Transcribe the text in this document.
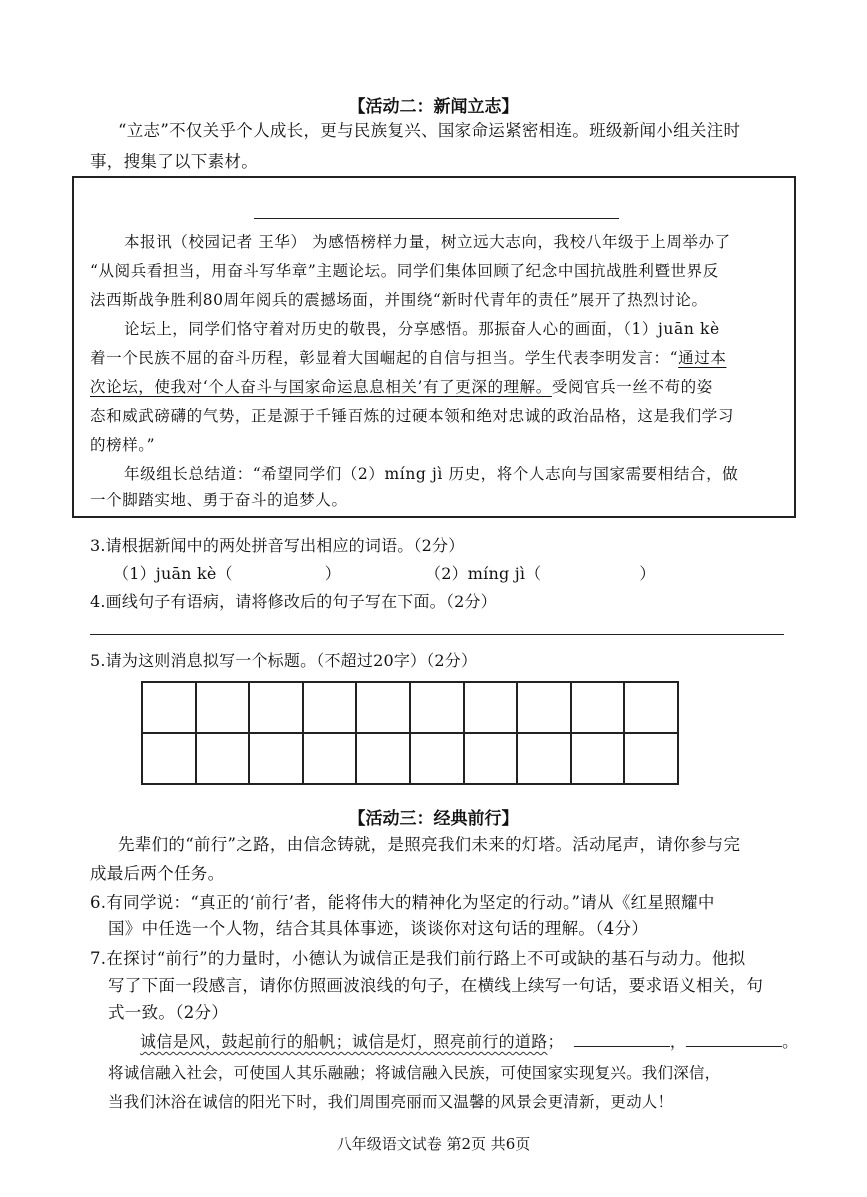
【活动二：新闻立志】
“立志”不仅关乎个人成长，更与民族复兴、国家命运紧密相连。班级新闻小组关注时
事，搜集了以下素材。
本报讯（校园记者 王华） 为感悟榜样力量，树立远大志向，我校八年级于上周举办了
“从阅兵看担当，用奋斗写华章”主题论坛。同学们集体回顾了纪念中国抗战胜利暨世界反
法西斯战争胜利80周年阅兵的震撼场面，并围绕“新时代青年的责任”展开了热烈讨论。
论坛上，同学们恪守着对历史的敬畏，分享感悟。那振奋人心的画面，（1）juān kè
着一个民族不屈的奋斗历程，彰显着大国崛起的自信与担当。学生代表李明发言：“通过本
次论坛，使我对‘个人奋斗与国家命运息息相关’有了更深的理解。受阅官兵一丝不苟的姿
态和威武磅礴的气势，正是源于千锤百炼的过硬本领和绝对忠诚的政治品格，这是我们学习
的榜样。”
年级组长总结道：“希望同学们（2）míng jì 历史，将个人志向与国家需要相结合，做
一个脚踏实地、勇于奋斗的追梦人。
3.请根据新闻中的两处拼音写出相应的词语。（2分）
（1）juān kè（	）	（2）míng jì（	）
4.画线句子有语病，请将修改后的句子写在下面。（2分）
5.请为这则消息拟写一个标题。（不超过20字）（2分）

【活动三：经典前行】
先辈们的“前行”之路，由信念铸就，是照亮我们未来的灯塔。活动尾声，请你参与完
成最后两个任务。
6.有同学说：“真正的‘前行’者，能将伟大的精神化为坚定的行动。”请从《红星照耀中
国》中任选一个人物，结合其具体事迹，谈谈你对这句话的理解。（4分）
7.在探讨“前行”的力量时，小德认为诚信正是我们前行路上不可或缺的基石与动力。他拟
写了下面一段感言，请你仿照画波浪线的句子，在横线上续写一句话，要求语义相关，句
式一致。（2分）
诚信是风，鼓起前行的船帆；诚信是灯，照亮前行的道路；	，	。
将诚信融入社会，可使国人其乐融融；将诚信融入民族，可使国家实现复兴。我们深信，
当我们沐浴在诚信的阳光下时，我们周围亮丽而又温馨的风景会更清新，更动人！
八年级语文试卷 第2页 共6页
